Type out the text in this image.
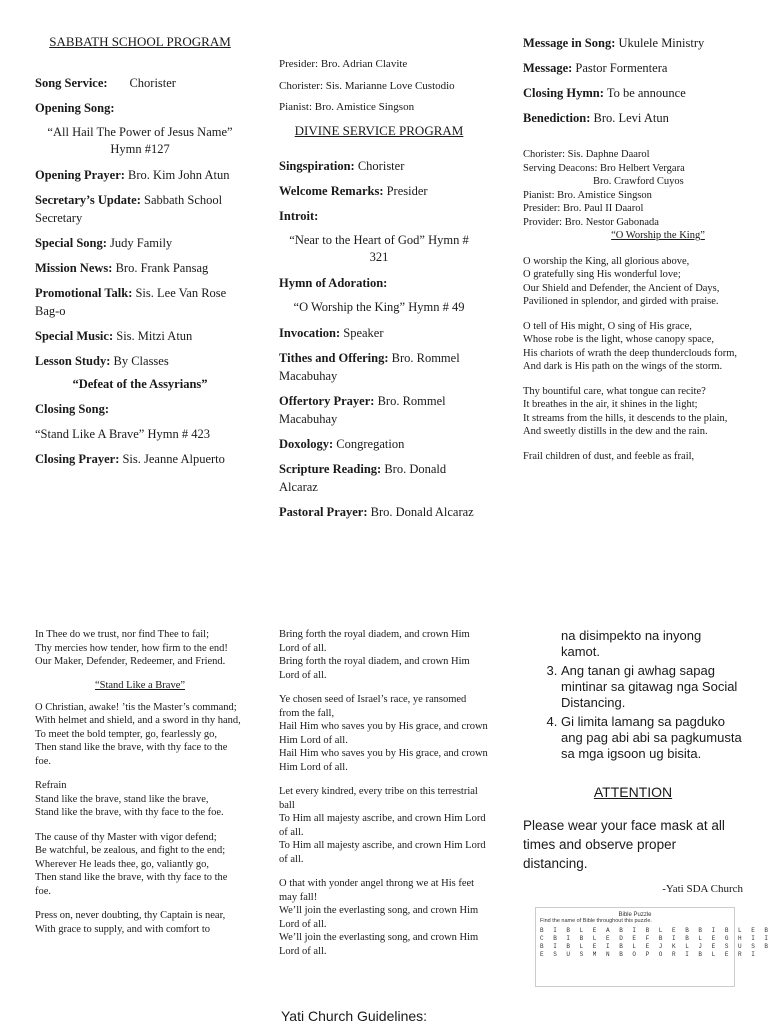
SABBATH SCHOOL PROGRAM
Song Service: Chorister
Opening Song:
“All Hail The Power of Jesus Name” Hymn #127
Opening Prayer: Bro. Kim John Atun
Secretary’s Update: Sabbath School Secretary
Special Song: Judy Family
Mission News: Bro. Frank Pansag
Promotional Talk: Sis. Lee Van Rose Bag-o
Special Music: Sis. Mitzi Atun
Lesson Study: By Classes
“Defeat of the Assyrians”
Closing Song:
“Stand Like A Brave” Hymn # 423
Closing Prayer: Sis. Jeanne Alpuerto
Presider: Bro. Adrian Clavite
Chorister: Sis. Marianne Love Custodio
Pianist: Bro. Amistice Singson
DIVINE SERVICE PROGRAM
Singspiration: Chorister
Welcome Remarks: Presider
Introit:
“Near to the Heart of God” Hymn # 321
Hymn of Adoration:
“O Worship the King” Hymn # 49
Invocation: Speaker
Tithes and Offering: Bro. Rommel Macabuhay
Offertory Prayer: Bro. Rommel Macabuhay
Doxology: Congregation
Scripture Reading: Bro. Donald Alcaraz
Pastoral Prayer: Bro. Donald Alcaraz
Message in Song: Ukulele Ministry
Message: Pastor Formentera
Closing Hymn: To be announce
Benediction: Bro. Levi Atun
Chorister: Sis. Daphne Daarol
Serving Deacons: Bro Helbert Vergara
Bro. Crawford Cuyos
Pianist: Bro. Amistice Singson
Presider: Bro. Paul II Daarol
Provider: Bro. Nestor Gabonada
“O Worship the King”
O worship the King, all glorious above,
O gratefully sing His wonderful love;
Our Shield and Defender, the Ancient of Days,
Pavilioned in splendor, and girded with praise.
O tell of His might, O sing of His grace,
Whose robe is the light, whose canopy space,
His chariots of wrath the deep thunderclouds form,
And dark is His path on the wings of the storm.
Thy bountiful care, what tongue can recite?
It breathes in the air, it shines in the light;
It streams from the hills, it descends to the plain,
And sweetly distills in the dew and the rain.
Frail children of dust, and feeble as frail,
In Thee do we trust, nor find Thee to fail;
Thy mercies how tender, how firm to the end!
Our Maker, Defender, Redeemer, and Friend.
“Stand Like a Brave”
O Christian, awake! ’tis the Master’s command;
With helmet and shield, and a sword in thy hand,
To meet the bold tempter, go, fearlessly go,
Then stand like the brave, with thy face to the foe.
Refrain
Stand like the brave, stand like the brave,
Stand like the brave, with thy face to the foe.
The cause of thy Master with vigor defend;
Be watchful, be zealous, and fight to the end;
Wherever He leads thee, go, valiantly go,
Then stand like the brave, with thy face to the foe.
Press on, never doubting, thy Captain is near,
With grace to supply, and with comfort to
Bring forth the royal diadem, and crown Him Lord of all.
Bring forth the royal diadem, and crown Him Lord of all.
Ye chosen seed of Israel’s race, ye ransomed from the fall,
Hail Him who saves you by His grace, and crown Him Lord of all.
Hail Him who saves you by His grace, and crown Him Lord of all.
Let every kindred, every tribe on this terrestrial ball
To Him all majesty ascribe, and crown Him Lord of all.
To Him all majesty ascribe, and crown Him Lord of all.
O that with yonder angel throng we at His feet may fall!
We’ll join the everlasting song, and crown Him Lord of all.
We’ll join the everlasting song, and crown Him Lord of all.
Yati Church Guidelines:
na disimpekto na inyong kamot.
3. Ang tanan gi awhag sapag mintinar sa gitawag nga Social Distancing.
4. Gi limita lamang sa pagduko ang pag abi abi sa pagkumusta sa mga igsoon ug bisita.
ATTENTION
Please wear your face mask at all times and observe proper distancing.
-Yati SDA Church
Bible Puzzle
Find the name of Bible throughout this puzzle.
B I B L E A B I B L E B B I B L E B
C B I B L E D E F B I B L E G H I I
B I B L E I B L E J K L J E S U S B
E S U S M N B O P O R I B L E R I
